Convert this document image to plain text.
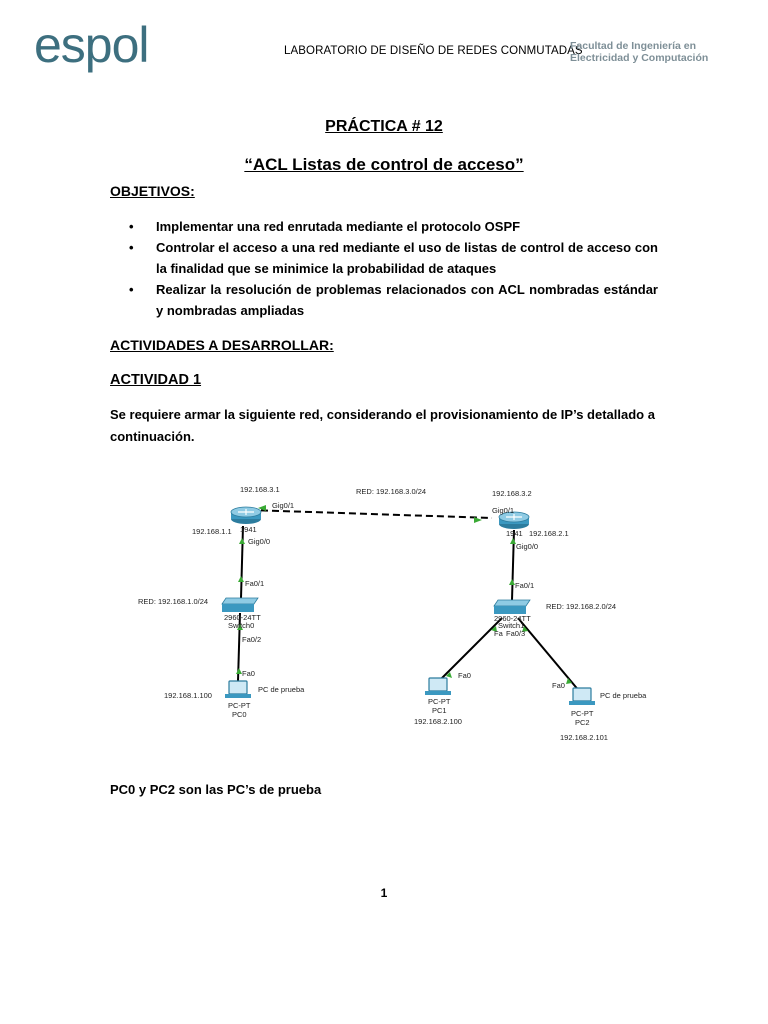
espol	LABORATORIO DE DISEÑO DE REDES CONMUTADAS
Facultad de Ingeniería en
Electricidad y Computación
PRÁCTICA # 12
“ACL Listas de control de acceso”
OBJETIVOS:
• Implementar una red enrutada mediante el protocolo OSPF
• Controlar el acceso a una red mediante el uso de listas de control de acceso con la finalidad que se minimice la probabilidad de ataques
• Realizar la resolución de problemas relacionados con ACL nombradas estándar y nombradas ampliadas
ACTIVIDADES A DESARROLLAR:
ACTIVIDAD 1
Se requiere armar la siguiente red, considerando el provisionamiento de IP’s detallado a continuación.
192.168.3.1
Gig0/1
192.168.1.1 1941
Gig0/0
RED: 192.168.3.0/24	192.168.3.2
Gig0/1
1941 192.168.2.1
Gig0/0
Fa0/1
RED: 192.168.1.0/24
2960-24TT
Switch0
Fa0/2
Fa0
192.168.1.100
PC de prueba
PC-PT
PC0
Fa0/1
RED: 192.168.2.0/24
2960-24TT
Switch1
Fa Fa0/3
Fa0
PC-PT
PC1
192.168.2.100
Fa0
PC de prueba
PC-PT
PC2
192.168.2.101
PC0 y PC2 son las PC’s de prueba
1
